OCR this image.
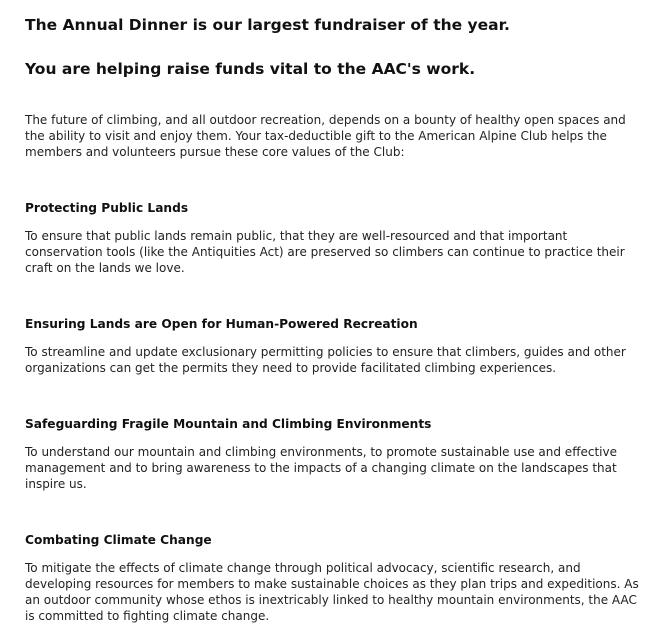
The Annual Dinner is our largest fundraiser of the year.
You are helping raise funds vital to the AAC's work.

The future of climbing, and all outdoor recreation, depends on a bounty of healthy open spaces and the ability to visit and enjoy them. Your tax-deductible gift to the American Alpine Club helps the members and volunteers pursue these core values of the Club:

Protecting Public Lands

To ensure that public lands remain public, that they are well-resourced and that important conservation tools (like the Antiquities Act) are preserved so climbers can continue to practice their craft on the lands we love.

Ensuring Lands are Open for Human-Powered Recreation

To streamline and update exclusionary permitting policies to ensure that climbers, guides and other organizations can get the permits they need to provide facilitated climbing experiences.

Safeguarding Fragile Mountain and Climbing Environments

To understand our mountain and climbing environments, to promote sustainable use and effective management and to bring awareness to the impacts of a changing climate on the landscapes that inspire us.

Combating Climate Change

To mitigate the effects of climate change through political advocacy, scientific research, and developing resources for members to make sustainable choices as they plan trips and expeditions. As an outdoor community whose ethos is inextricably linked to healthy mountain environments, the AAC is committed to fighting climate change.
